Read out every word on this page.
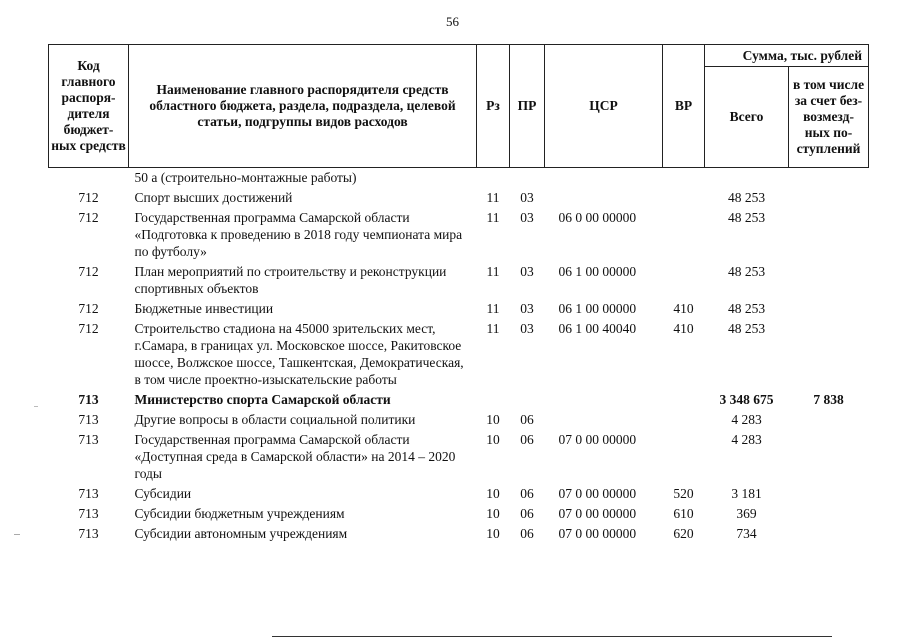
56
Код главного распоря- дителя бюджет- ных средств	Наименование главного распорядителя средств областного бюджета, раздела, подраздела, целевой статьи, подгруппы видов расходов	Рз	ПР	ЦСР	ВР	Сумма, тыс. рублей	
						Всего	в том числе за счет без- возмезд- ных по- ступлений
	50 а (строительно-монтажные работы)						
712	Спорт высших достижений	11	03			48 253	
712	Государственная программа Самарской области «Подготовка к проведению в 2018 году чемпионата мира по футболу»	11	03	06 0 00 00000		48 253	
712	План мероприятий по строительству и реконструкции спортивных объектов	11	03	06 1 00 00000		48 253	
712	Бюджетные инвестиции	11	03	06 1 00 00000	410	48 253	
712	Строительство стадиона на 45000 зрительских мест, г.Самара, в границах ул. Московское шоссе, Ракитовское шоссе, Волжское шоссе, Ташкентская, Демократическая, в том числе проектно-изыскательские работы	11	03	06 1 00 40040	410	48 253	
713	Министерство спорта Самарской области					3 348 675	7 838
713	Другие вопросы в области социальной политики	10	06			4 283	
713	Государственная программа Самарской области «Доступная среда в Самарской области» на 2014 – 2020 годы	10	06	07 0 00 00000		4 283	
713	Субсидии	10	06	07 0 00 00000	520	3 181	
713	Субсидии бюджетным учреждениям	10	06	07 0 00 00000	610	369	
713	Субсидии автономным учреждениям	10	06	07 0 00 00000	620	734	
